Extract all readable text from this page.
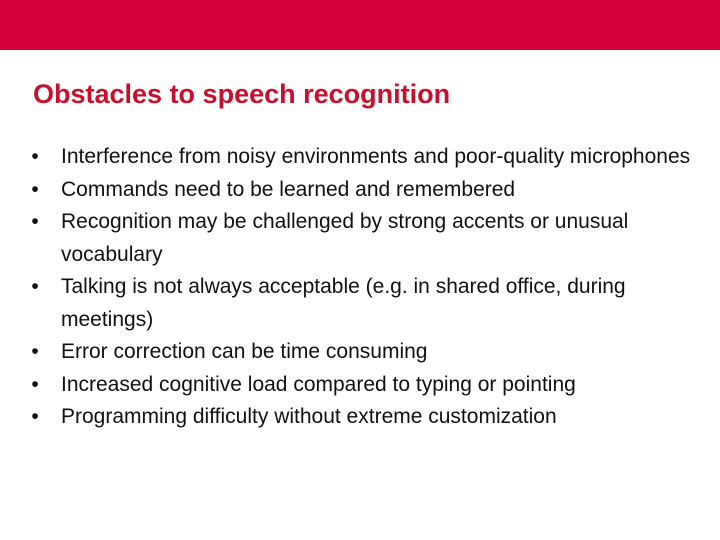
Obstacles to speech recognition
• Interference from noisy environments and poor-quality microphones
• Commands need to be learned and remembered
• Recognition may be challenged by strong accents or unusual vocabulary
• Talking is not always acceptable (e.g. in shared office, during meetings)
• Error correction can be time consuming
• Increased cognitive load compared to typing or pointing
• Programming difficulty without extreme customization
